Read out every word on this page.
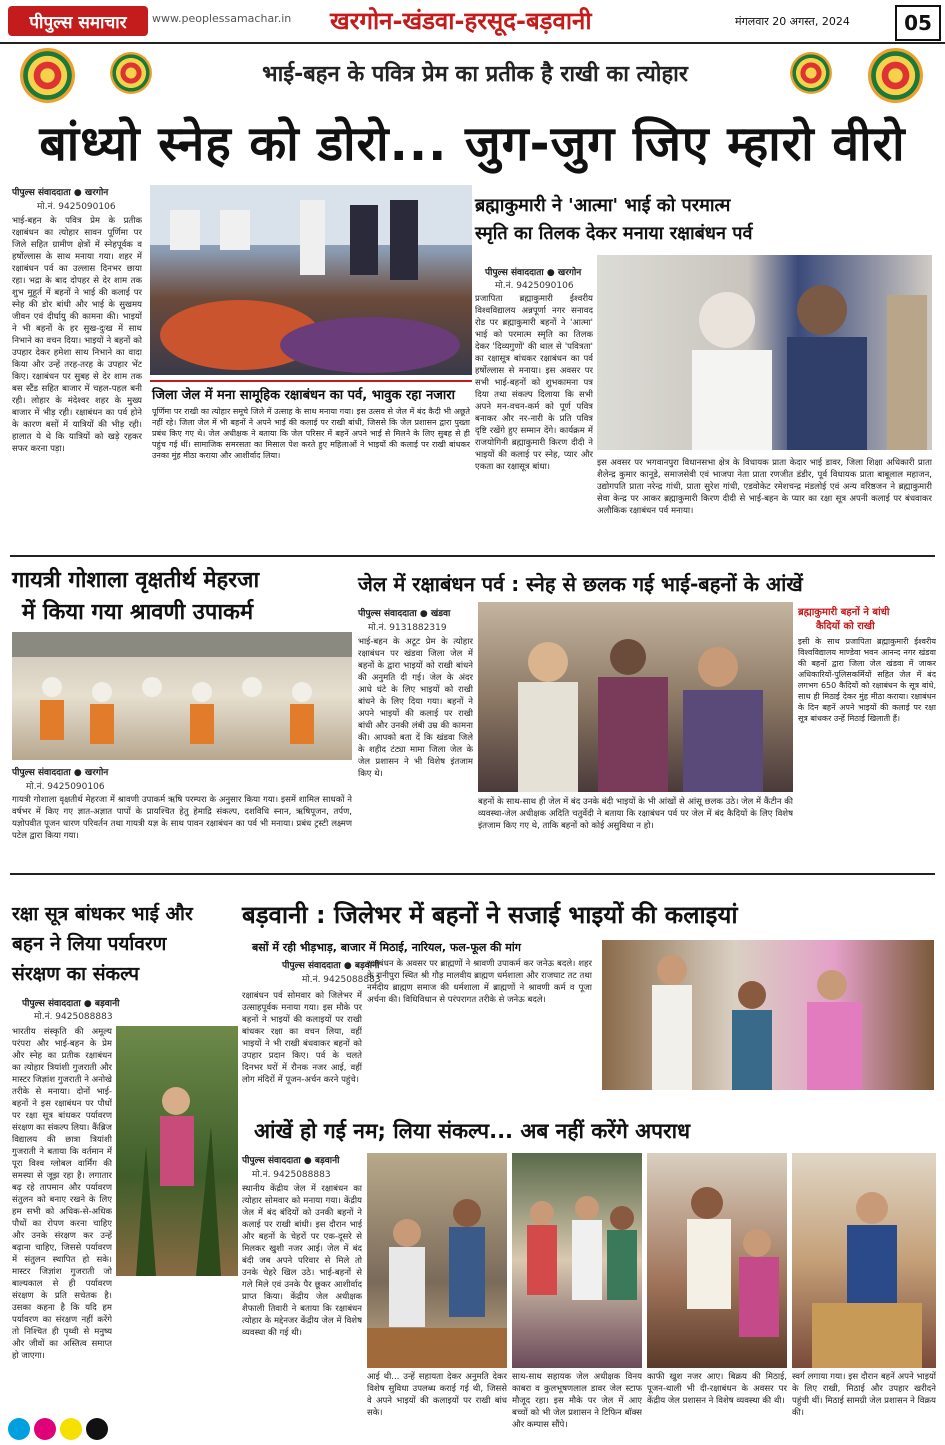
पीपुल्स समाचार	www.peoplessamachar.in खरगोन-खंडवा-हरसूद-बड़वानी	मंगलवार 20 अगस्त, 2024	05
भाई-बहन के पवित्र प्रेम का प्रतीक है राखी का त्योहार
बांध्यो स्नेह को डोरो... जुग-जुग जिए म्हारो वीरो
पीपुल्स संवाददाता ● खरगोन
मो.नं. 9425090106
भाई-बहन के पवित्र प्रेम के प्रतीक रक्षाबंधन का त्योहार सावन पूर्णिमा पर जिले सहित ग्रामीण क्षेत्रों में स्नेहपूर्वक व हर्षोल्लास के साथ मनाया गया। शहर में रक्षाबंधन पर्व का उल्लास दिनभर छाया रहा। भद्रा के बाद दोपहर से देर शाम तक शुभ मुहूर्त में बहनों ने भाई की कलाई पर स्नेह की डोर बांधी और भाई के सुखमय जीवन एवं दीर्घायु की कामना की। भाइयों ने भी बहनों के हर सुख-दुःख में साथ निभाने का वचन दिया। भाइयों ने बहनों को उपहार देकर हमेशा साथ निभाने का वादा किया और उन्हें तरह-तरह के उपहार भेंट किए। रक्षाबंधन पर सुबह से देर शाम तक बस स्टैंड सहित बाजार में चहल-पहल बनी रही। लोहार के मंदेश्वर शहर के मुख्य बाजार में भीड़ रही। रक्षाबंधन का पर्व होने के कारण बसों में यात्रियों की भीड़ रही। हालात ये थे कि यात्रियों को खड़े रहकर सफर करना पड़ा।
जिला जेल में मना सामूहिक रक्षाबंधन का पर्व, भावुक रहा नजारा
पूर्णिमा पर राखी का त्योहार समूचे जिले में उत्साह के साथ मनाया गया। इस उत्सव से जेल में बंद कैदी भी अछूते नहीं रहे। जिला जेल में भी बहनों ने अपने भाई की कलाई पर राखी बांधी, जिससे कि जेल प्रशासन द्वारा पुख्ता प्रबंध किए गए थे। जेल अधीक्षक ने बताया कि जेल परिसर में बहनें अपने भाई से मिलने के लिए सुबह से ही पहुंच गई थीं। सामाजिक समरसता का मिसाल पेश करते हुए महिलाओं ने भाइयों की कलाई पर राखी बांधकर उनका मुंह मीठा कराया और आशीर्वाद लिया।
ब्रह्माकुमारी ने 'आत्मा' भाई को परमात्म
स्मृति का तिलक देकर मनाया रक्षाबंधन पर्व
पीपुल्स संवाददाता ● खरगोन
मो.नं. 9425090106
प्रजापिता ब्रह्माकुमारी ईश्वरीय विश्वविद्यालय अन्नपूर्णा नगर सनावद रोड पर ब्रह्माकुमारी बहनों ने 'आत्मा' भाई को परमात्म स्मृति का तिलक देकर 'दिव्यगुणों' की थाल से 'पवित्रता' का रक्षासूत्र बांधकर रक्षाबंधन का पर्व हर्षोल्लास से मनाया। इस अवसर पर सभी भाई-बहनों को शुभकामना पत्र दिया तथा संकल्प दिलाया कि सभी अपने मन-वचन-कर्म को पूर्ण पवित्र बनाकर और नर-नारी के प्रति पवित्र दृष्टि रखेंगे हुए सम्मान देंगे। कार्यक्रम में राजयोगिनी ब्रह्माकुमारी किरण दीदी ने भाइयों की कलाई पर स्नेह, प्यार और एकता का रक्षासूत्र बांधा।	इस अवसर पर भगवानपुरा विधानसभा क्षेत्र के विधायक प्राता केदार भाई डावर, जिला शिक्षा अधिकारी प्राता शैलेन्द्र कुमार कानूडे, समाजसेवी एवं भाजपा नेता प्राता रणजीत डंडीर, पूर्व विधायक प्राता बाबूलाल महाजन, उद्योगपति प्राता नरेन्द्र गांधी, प्राता सुरेश गांधी, एडवोकेट रमेशचन्द्र मंडलोई एवं अन्य वरिष्ठजन ने ब्रह्माकुमारी सेवा केन्द्र पर आकर ब्रह्माकुमारी किरण दीदी से भाई-बहन के प्यार का रक्षा सूत्र अपनी कलाई पर बंधवाकर अलौकिक रक्षाबंधन पर्व मनाया।
गायत्री गोशाला वृक्षतीर्थ मेहरजा
में किया गया श्रावणी उपाकर्म
पीपुल्स संवाददाता ● खरगोन
मो.नं. 9425090106
गायत्री गोशाला वृक्षतीर्थ मेहरजा में श्रावणी उपाकर्म ऋषि परम्परा के अनुसार किया गया। इसमें शामिल साधकों ने वर्षभर में किए गए ज्ञात-अज्ञात पापों के प्रायश्चित हेतु हेमाद्रि संकल्प, दशविधि स्नान, ऋषिपूजन, तर्पण, यज्ञोपवीत पूजन धारण परिवर्तन तथा गायत्री यज्ञ के साथ पावन रक्षाबंधन का पर्व भी मनाया। प्रबंध ट्रस्टी लक्ष्मण पटेल द्वारा किया गया।
जेल में रक्षाबंधन पर्व : स्नेह से छलक गई भाई-बहनों के आंखें
पीपुल्स संवाददाता ● खंडवा
मो.नं. 9131882319
भाई-बहन के अटूट प्रेम के त्योहार रक्षाबंधन पर खंडवा जिला जेल में बहनों के द्वारा भाइयों को राखी बांधने की अनुमति दी गई। जेल के अंदर आधे घंटे के लिए भाइयों को राखी बांधने के लिए दिया गया। बहनों ने अपने भाइयों की कलाई पर राखी बांधी और उनकी लंबी उम्र की कामना की। आपको बता दें कि खंडवा जिले के शहीद टंट्या मामा जिला जेल के जेल प्रशासन ने भी विशेष इंतजाम किए थे।
बहनों के साथ-साथ ही जेल में बंद उनके बंदी भाइयों के भी आंखों से आंसू छलक उठे। जेल में कैंटीन की व्यवस्था-जेल अधीक्षक अदिति चतुर्वेदी ने बताया कि रक्षाबंधन पर्व पर जेल में बंद कैदियों के लिए विशेष इंतजाम किए गए थे, ताकि बहनों को कोई असुविधा न हो।
ब्रह्माकुमारी बहनों ने बांधी
कैदियों को राखी
इसी के साथ प्रजापिता ब्रह्माकुमारी ईश्वरीय विश्वविद्यालय माण्डेवा भवन आनन्द नगर खंडवा की बहनों द्वारा जिला जेल खंडवा में जाकर अधिकारियों-पुलिसकर्मियों सहित जेल में बंद लगभग 650 कैदियों को रक्षाबंधन के सूत्र बांधे, साथ ही मिठाई देकर मुंह मीठा कराया। रक्षाबंधन के दिन बहनें अपने भाइयों की कलाई पर रक्षा सूत्र बांधकर उन्हें मिठाई खिलाती हैं।
रक्षा सूत्र बांधकर भाई और
बहन ने लिया पर्यावरण
संरक्षण का संकल्प
पीपुल्स संवाददाता ● बड़वानी
मो.नं. 9425088883
भारतीय संस्कृति की अमूल्य परंपरा और भाई-बहन के प्रेम और स्नेह का प्रतीक रक्षाबंधन का त्योहार त्रियांशी गुजराती और मास्टर जिज्ञांश गुजराती ने अनोखे तरीके से मनाया। दोनों भाई-बहनों ने इस रक्षाबंधन पर पौधों पर रक्षा सूत्र बांधकर पर्यावरण संरक्षण का संकल्प लिया। कैंब्रिज विद्यालय की छात्रा त्रियांशी गुजराती ने बताया कि वर्तमान में पूरा विश्व ग्लोबल वार्मिंग की समस्या से जूझ रहा है। लगातार बढ़ रहे तापमान और पर्यावरण संतुलन को बनाए रखने के लिए हम सभी को अधिक-से-अधिक पौधों का रोपण करना चाहिए और उनके संरक्षण कर उन्हें बढ़ाना चाहिए, जिससे पर्यावरण में संतुलन स्थापित हो सके। मास्टर जिज्ञांश गुजराती जो बाल्यकाल से ही पर्यावरण संरक्षण के प्रति सचेतक है। उसका कहना है कि यदि हम पर्यावरण का संरक्षण नहीं करेंगे तो निश्चित ही पृथ्वी से मनुष्य और जीवों का अस्तित्व समाप्त हो जाएगा।
बड़वानी : जिलेभर में बहनों ने सजाई भाइयों की कलाइयां
बसों में रही भीड़भाड़, बाजार में मिठाई, नारियल, फल-फूल की मांग
पीपुल्स संवाददाता ● बड़वानी
मो.नं. 9425088883
रक्षाबंधन पर्व सोमवार को जिलेभर में उत्साहपूर्वक मनाया गया। इस मौके पर बहनों ने भाइयों की कलाइयों पर राखी बांधकर रक्षा का वचन लिया, वहीं भाइयों ने भी राखी बंधवाकर बहनों को उपहार प्रदान किए। पर्व के चलते दिनभर घरों में रौनक नजर आई, वहीं लोग मंदिरों में पूजन-अर्चन करने पहुंचे।
रक्षाबंधन के अवसर पर ब्राह्मणों ने श्रावणी उपाकर्म कर जनेऊ बदले। शहर के रानीपुरा स्थित श्री गौड़ मालवीय ब्राह्मण धर्मशाला और राजघाट तट तथा नर्मदीय ब्राह्मण समाज की धर्मशाला में ब्राह्मणों ने श्रावणी कर्म व पूजा अर्चना की। विधिविधान से परंपरागत तरीके से जनेऊ बदले।
आंखें हो गई नम; लिया संकल्प... अब नहीं करेंगे अपराध
पीपुल्स संवाददाता ● बड़वानी
मो.नं. 9425088883
स्थानीय केंद्रीय जेल में रक्षाबंधन का त्योहार सोमवार को मनाया गया। केंद्रीय जेल में बंद बंदियों को उनकी बहनों ने कलाई पर राखी बांधी। इस दौरान भाई और बहनों के चेहरों पर एक-दूसरे से मिलकर खुशी नजर आई। जेल में बंद बंदी जब अपने परिवार से मिले तो उनके चेहरे खिल उठे। भाई-बहनों से गले मिले एवं उनके पैर छूकर आशीर्वाद प्राप्त किया। केंद्रीय जेल अधीक्षक शैफाली तिवारी ने बताया कि रक्षाबंधन त्योहार के मद्देनजर केंद्रीय जेल में विशेष व्यवस्था की गई थी।
आई थी... उन्हें सहायता देकर अनुमति देकर विशेष सुविधा उपलब्ध कराई गई थी, जिससे वे अपने भाइयों की कलाइयों पर राखी बांध सके।
साथ-साथ सहायक जेल अधीक्षक विनय काबरा व कुलभूषणलाल डावर जेल स्टाफ मौजूद रहा। इस मौके पर जेल में आए बच्चों को भी जेल प्रशासन ने टिफिन बॉक्स और कम्पास सौंपे।
काफी खुश नजर आए। बिक्रय की मिठाई, पूजन-थाली भी दी-रक्षाबंधन के अवसर पर केंद्रीय जेल प्रशासन ने विशेष व्यवस्था की थी।
स्वर्ग लगाया गया। इस दौरान बहनें अपने भाइयों के लिए राखी, मिठाई और उपहार खरीदने पहुंची थीं। मिठाई सामग्री जेल प्रशासन ने विक्रय की।
